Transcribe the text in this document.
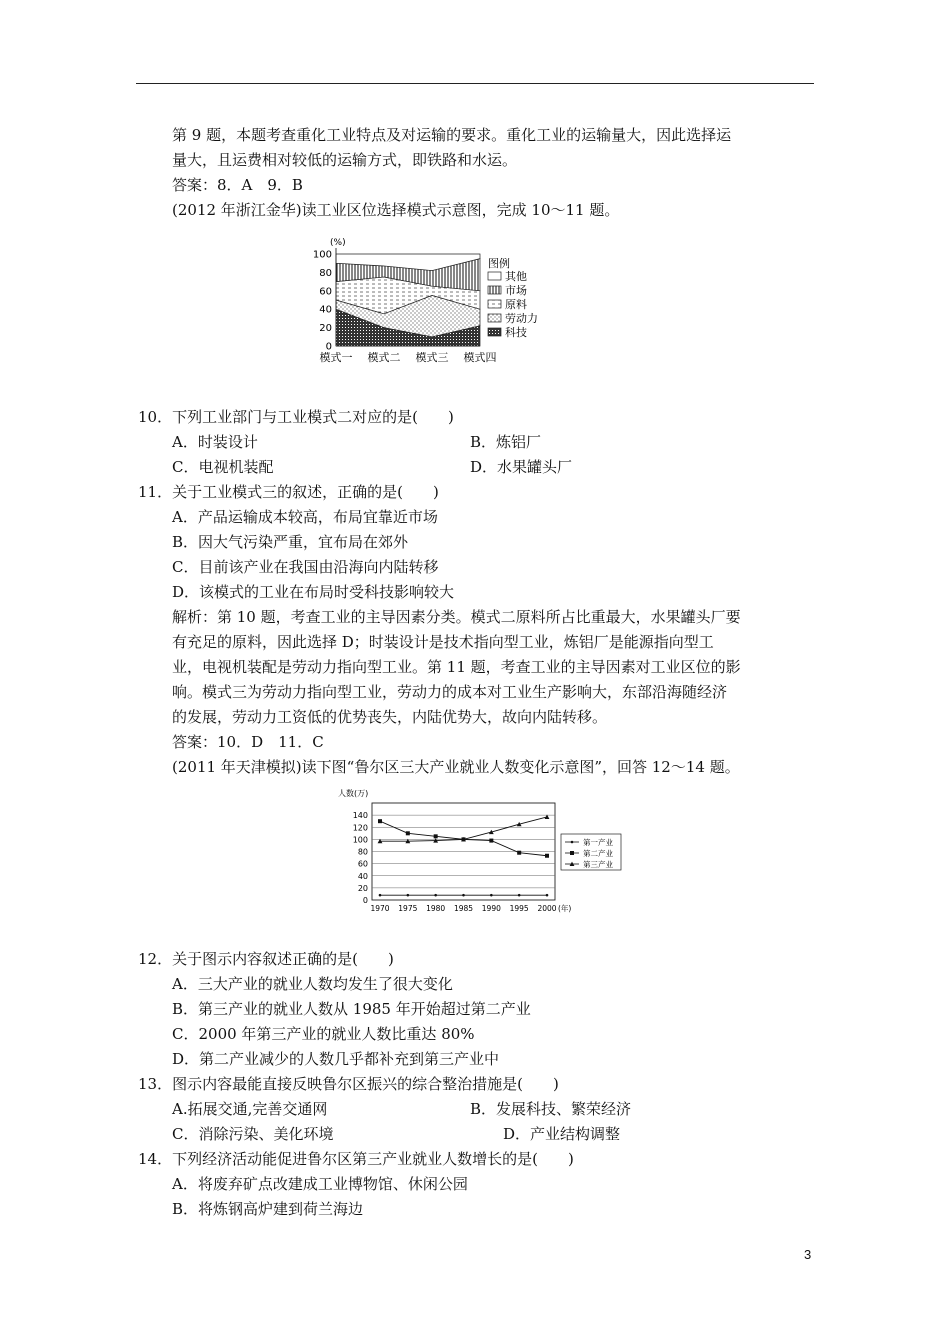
第 9 题，本题考查重化工业特点及对运输的要求。重化工业的运输量大，因此选择运
量大，且运费相对较低的运输方式，即铁路和水运。
答案：8．A　9．B
(2012 年浙江金华)读工业区位选择模式示意图，完成 10～11 题。
(%)
0
20
40
60
80
100
模式一 模式二 模式三 模式四
图例
其他
市场
原料
劳动力
科技
10．下列工业部门与工业模式二对应的是(　　)
A．时装设计	B．炼铝厂
C．电视机装配	D．水果罐头厂
11．关于工业模式三的叙述，正确的是(　　)
A．产品运输成本较高，布局宜靠近市场
B．因大气污染严重，宜布局在郊外
C．目前该产业在我国由沿海向内陆转移
D．该模式的工业在布局时受科技影响较大
解析：第 10 题，考查工业的主导因素分类。模式二原料所占比重最大，水果罐头厂要
有充足的原料，因此选择 D；时装设计是技术指向型工业，炼铝厂是能源指向型工
业，电视机装配是劳动力指向型工业。第 11 题，考查工业的主导因素对工业区位的影
响。模式三为劳动力指向型工业，劳动力的成本对工业生产影响大，东部沿海随经济
的发展，劳动力工资低的优势丧失，内陆优势大，故向内陆转移。
答案：10．D　11．C
(2011 年天津模拟)读下图“鲁尔区三大产业就业人数变化示意图”，回答 12～14 题。
人数(万)
0
20
40
60
80
100
120
140
1970 1975 1980 1985 1990 1995 2000 (年)
第一产业
第二产业
第三产业
12．关于图示内容叙述正确的是(　　)
A．三大产业的就业人数均发生了很大变化
B．第三产业的就业人数从 1985 年开始超过第二产业
C．2000 年第三产业的就业人数比重达 80%
D．第二产业减少的人数几乎都补充到第三产业中
13．图示内容最能直接反映鲁尔区振兴的综合整治措施是(　　)
A.拓展交通,完善交通网	B．发展科技、繁荣经济
C．消除污染、美化环境	D．产业结构调整
14．下列经济活动能促进鲁尔区第三产业就业人数增长的是(　　)
A．将废弃矿点改建成工业博物馆、休闲公园
B．将炼钢高炉建到荷兰海边
3
